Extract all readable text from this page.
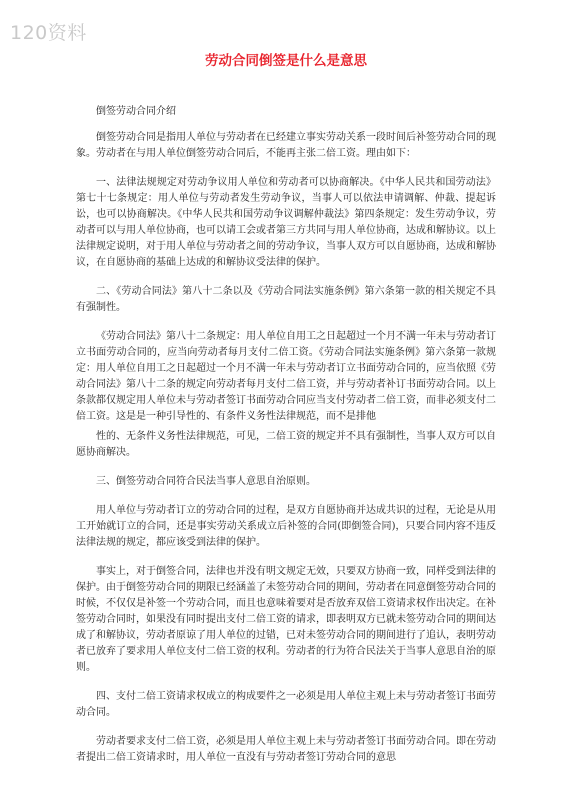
120资料
劳动合同倒签是什么是意思

倒签劳动合同介绍

倒签劳动合同是指用人单位与劳动者在已经建立事实劳动关系一段时间后补签劳动合同的现象。劳动者在与用人单位倒签劳动合同后，不能再主张二倍工资。理由如下：

一、法律法规规定对劳动争议用人单位和劳动者可以协商解决。《中华人民共和国劳动法》第七十七条规定：用人单位与劳动者发生劳动争议，当事人可以依法申请调解、仲裁、提起诉讼，也可以协商解决。《中华人民共和国劳动争议调解仲裁法》第四条规定：发生劳动争议，劳动者可以与用人单位协商，也可以请工会或者第三方共同与用人单位协商，达成和解协议。以上法律规定说明，对于用人单位与劳动者之间的劳动争议，当事人双方可以自愿协商，达成和解协议，在自愿协商的基础上达成的和解协议受法律的保护。

二、《劳动合同法》第八十二条以及《劳动合同法实施条例》第六条第一款的相关规定不具有强制性。

《劳动合同法》第八十二条规定：用人单位自用工之日起超过一个月不满一年未与劳动者订立书面劳动合同的，应当向劳动者每月支付二倍工资。《劳动合同法实施条例》第六条第一款规定：用人单位自用工之日起超过一个月不满一年未与劳动者订立书面劳动合同的，应当依照《劳动合同法》第八十二条的规定向劳动者每月支付二倍工资，并与劳动者补订书面劳动合同。以上条款都仅规定用人单位未与劳动者签订书面劳动合同应当支付劳动者二倍工资，而非必须支付二倍工资。这是是一种引导性的、有条件义务性法律规范，而不是排他

性的、无条件义务性法律规范，可见，二倍工资的规定并不具有强制性，当事人双方可以自愿协商解决。

三、倒签劳动合同符合民法当事人意思自治原则。

用人单位与劳动者订立的劳动合同的过程，是双方自愿协商并达成共识的过程，无论是从用工开始就订立的合同，还是事实劳动关系成立后补签的合同(即倒签合同)，只要合同内容不违反法律法规的规定，都应该受到法律的保护。

事实上，对于倒签合同，法律也并没有明文规定无效，只要双方协商一致，同样受到法律的保护。由于倒签劳动合同的期限已经涵盖了未签劳动合同的期间，劳动者在同意倒签劳动合同的时候，不仅仅是补签一个劳动合同，而且也意味着要对是否放弃双倍工资请求权作出决定。在补签劳动合同时，如果没有同时提出支付二倍工资的请求，即表明双方已就未签劳动合同的期间达成了和解协议，劳动者原谅了用人单位的过错，已对未签劳动合同的期间进行了追认，表明劳动者已放弃了要求用人单位支付二倍工资的权利。劳动者的行为符合民法关于当事人意思自治的原则。

四、支付二倍工资请求权成立的构成要件之一必须是用人单位主观上未与劳动者签订书面劳动合同。

劳动者要求支付二倍工资，必须是用人单位主观上未与劳动者签订书面劳动合同。即在劳动者提出二倍工资请求时，用人单位一直没有与劳动者签订劳动合同的意思
